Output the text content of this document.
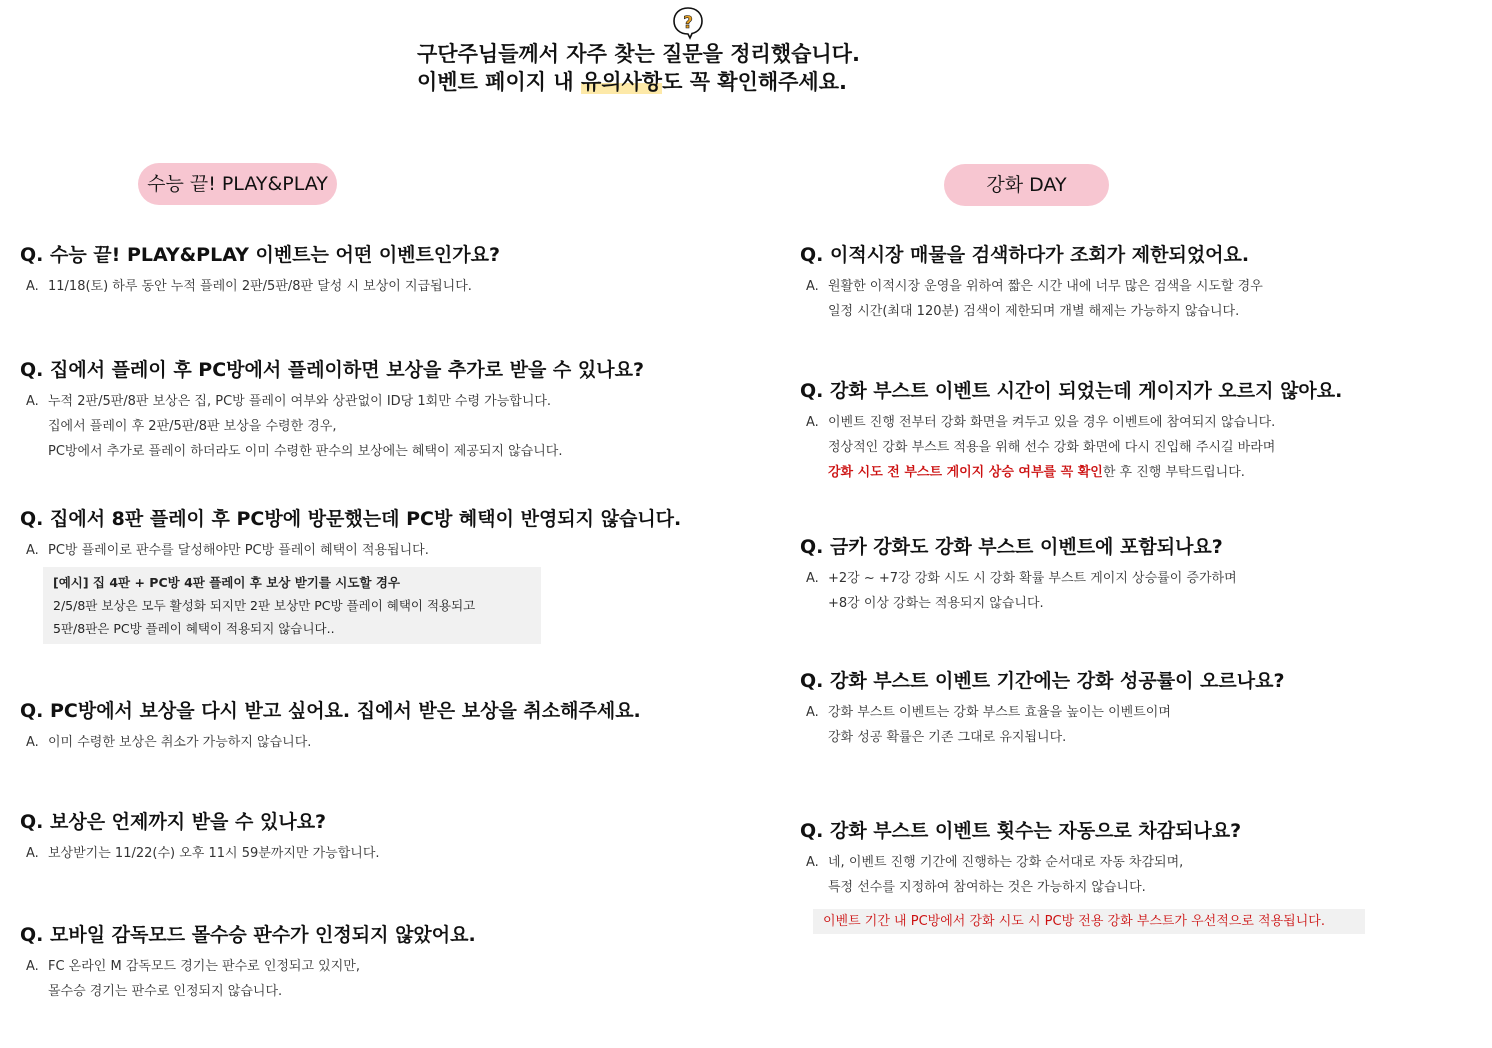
?
구단주님들께서 자주 찾는 질문을 정리했습니다.
이벤트 페이지 내 유의사항도 꼭 확인해주세요.
수능 끝! PLAY&PLAY	강화 DAY
Q. 수능 끝! PLAY&PLAY 이벤트는 어떤 이벤트인가요?
A. 11/18(토) 하루 동안 누적 플레이 2판/5판/8판 달성 시 보상이 지급됩니다.
Q. 집에서 플레이 후 PC방에서 플레이하면 보상을 추가로 받을 수 있나요?
A. 누적 2판/5판/8판 보상은 집, PC방 플레이 여부와 상관없이 ID당 1회만 수령 가능합니다.
집에서 플레이 후 2판/5판/8판 보상을 수령한 경우,
PC방에서 추가로 플레이 하더라도 이미 수령한 판수의 보상에는 혜택이 제공되지 않습니다.
Q. 집에서 8판 플레이 후 PC방에 방문했는데 PC방 혜택이 반영되지 않습니다.
A. PC방 플레이로 판수를 달성해야만 PC방 플레이 혜택이 적용됩니다.
[예시] 집 4판 + PC방 4판 플레이 후 보상 받기를 시도할 경우
2/5/8판 보상은 모두 활성화 되지만 2판 보상만 PC방 플레이 혜택이 적용되고
5판/8판은 PC방 플레이 혜택이 적용되지 않습니다..
Q. PC방에서 보상을 다시 받고 싶어요. 집에서 받은 보상을 취소해주세요.
A. 이미 수령한 보상은 취소가 가능하지 않습니다.
Q. 보상은 언제까지 받을 수 있나요?
A. 보상받기는 11/22(수) 오후 11시 59분까지만 가능합니다.
Q. 모바일 감독모드 몰수승 판수가 인정되지 않았어요.
A. FC 온라인 M 감독모드 경기는 판수로 인정되고 있지만,
몰수승 경기는 판수로 인정되지 않습니다.
Q. 이적시장 매물을 검색하다가 조회가 제한되었어요.
A. 원활한 이적시장 운영을 위하여 짧은 시간 내에 너무 많은 검색을 시도할 경우
일정 시간(최대 120분) 검색이 제한되며 개별 해제는 가능하지 않습니다.
Q. 강화 부스트 이벤트 시간이 되었는데 게이지가 오르지 않아요.
A. 이벤트 진행 전부터 강화 화면을 켜두고 있을 경우 이벤트에 참여되지 않습니다.
정상적인 강화 부스트 적용을 위해 선수 강화 화면에 다시 진입해 주시길 바라며
강화 시도 전 부스트 게이지 상승 여부를 꼭 확인한 후 진행 부탁드립니다.
Q. 금카 강화도 강화 부스트 이벤트에 포함되나요?
A. +2강 ~ +7강 강화 시도 시 강화 확률 부스트 게이지 상승률이 증가하며
+8강 이상 강화는 적용되지 않습니다.
Q. 강화 부스트 이벤트 기간에는 강화 성공률이 오르나요?
A. 강화 부스트 이벤트는 강화 부스트 효율을 높이는 이벤트이며
강화 성공 확률은 기존 그대로 유지됩니다.
Q. 강화 부스트 이벤트 횟수는 자동으로 차감되나요?
A. 네, 이벤트 진행 기간에 진행하는 강화 순서대로 자동 차감되며,
특정 선수를 지정하여 참여하는 것은 가능하지 않습니다.
이벤트 기간 내 PC방에서 강화 시도 시 PC방 전용 강화 부스트가 우선적으로 적용됩니다.
